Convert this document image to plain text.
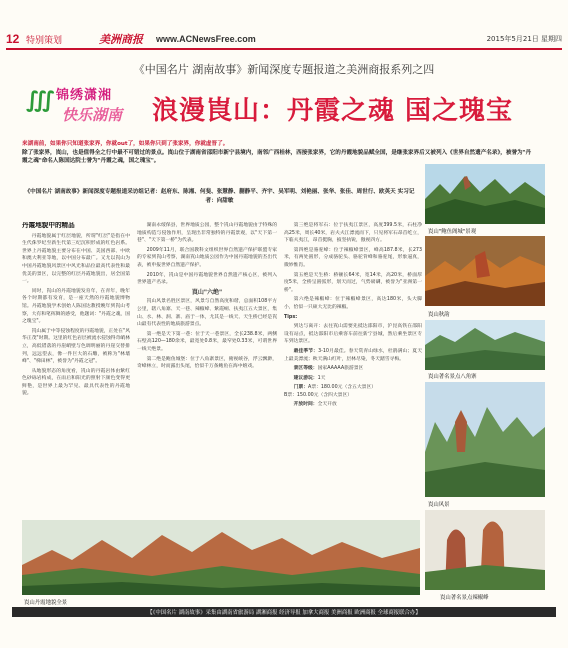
12 特别策划	美洲商报	www.ACNewsFree.com	2015年5月21日 星期四
《中国名片 湖南故事》新闻深度专题报道之美洲商报系列之四
∭ 锦绣潇湘
快乐湖南 浪漫崀山：丹霞之魂 国之瑰宝
来湖南前，如果你只知道张家界，你就out了，如果你只到了张家界，你就虚晋了。
除了张家界，崀山，也是值得全之行中最不可错过的景点。崀山位于湖南省邵阳市新宁县境内，南邻广西桂林，西接张家界，它的丹霞地貌品赋全国，是继张家界后又被列入《世界自然遗产名录》，被誉为"丹霞之魂"命名人陈国达院士誉为"丹霞之魂，国之瑰宝"。
《中国名片 湖南故事》新闻深度专题报道采访组记者：赵府东、陈湘、何斐、张慧静、蒯静平、齐宇、吴军明、刘艳丽、张华、张佳、周世行、欧英天 实习记者：向甜敏
丹霞地貌中的精品

丹霞地貌属于红层地貌，所谓"红层"是指在中生代侏罗纪至新生代第三纪沉积形成的红色岩系。世界上丹霞地貌主要分布在中国、美国西部、中欧和澳大利亚等地，以中国分布最广。又尤以崀山为中国丹霞地貌风景区中风光和品位最高代表性和最优美的景区，以完整的红层丹霞地貌出，居全国第一。

同时，崀山的丹霞地貌发育年，在青年，晚年各个时期都有发育，是一座天然的丹霞地貌博物馆。丹霞地貌学术创始人陈国达教授晚年到崀山考察，大有和笔挥舞的感受，他题词："丹霞之魂，国之瑰宝"。

崀山属于中等侵蚀程度的丹霞地貌，正处在"风华正茂"时期。这里的红色岩层被流水侵蚀得奇峭林立，高低错落的丹崖峭壁与色调明丽的丹崖交替排列，远远望去，像一件巨大的石雕，被称为"林墙峰"、"梯田林"，被誉为"丹霞之冠"。

从地貌形态的角度看，崀山的丹霞岩体由紫红色砂砾岩构成，在雨后和阳光的照射下颜色变得更鲜艳，是世界上最为罕见、最具代表性的丹霞地貌。

湖南永绥保县，世界地质公园，整个崀山丹霞地貌由于特殊的地质构造与侵蚀作用，呈现出非常独特的丹霞景观，以"天下第一巷"、"天下第一桥"为代表。

2009年11月，联合国教科文组织世界自然遗产保护联盟专家的专家到崀山考察，湖南崀山地质公园作为中国丹霞地貌的杰出代表，被申报世界自然遗产保护。

2010年，崀山是中国丹霞地貌世界自然遗产核心区，被列入世界遗产名录。

崀山"六绝"

崀山风景名胜区景区，风景与自然高度和谐，总面积108平方公里，辖八角寨、天一巷、辣椒峰、紫霞峒、扶夷江五大景区，集山、水、林、洞、寨、庙于一体，尤其是一线天、天生桥已经是崀山最有代表性的地质旅游景点。

第一绝是天下第一巷：位于天一巷景区，全长238.8米，两侧石壁高120—180余米，最宽处0.8米，最窄处0.33米，可谓世界一线天绝景。

第二绝是鲍鱼城堡：位于八角寨景区，俯视峡谷，浮云飘渺，奇峰林立，时而露出头尾，恰似千万条鲍鱼在海中嬉戏。

第三绝是将军石：位于扶夷江景区，高度399.5米，石柱净高25米，周长40米，岩夫夫江漂流而下，只见将军石昂首屹立，下临夫夷江，昂首挺胸，披坚执锐，傲视四方。

第四绝是骆驼峰：位于辣椒峰景区，峰高187.8米，长273米，有两处圆形，分成骆驼头、骆驼背峰和骆驼尾，形象逼真，微妙惟肖。

第五绝是天生桥：桥额长64米，宽14米，高20米，桥面厚度5米，全桥呈圆弧形，划天而过，气势磅礴，被誉为"亚洲第一桥"。

第六绝是辣椒峰：位于辣椒峰景区，高达180米，头大脚小，恰似一只硕大无比的辣椒。

Tips:

到达与离开：去往崀山需要先抵达邵阳市，沪昆高铁在邵阳设有站点，抵达邵阳市后乘客车前往新宁县城，然后乘坐景区专车到达景区。

最佳季节：3-10月最佳。春天赏青山绿水，杜鹃满山；夏天上最美漂流；秋天满山红叶，层林尽染，冬天踏雪寻梅。

景区等级：国家AAAAA旅游景区

建议游玩：1天

门票：A票：180.00元（含五大景区）
B票：150.00元（含四大景区）

开放时间：全天开放

崀山"鲍鱼阁城"景观
崀山秋韵
崀山著名景点八角寨
崀山风景
崀山著名景点辣椒峰
崀山丹霞地貌全景
【《中国名片 湖南故事》采集由湖南省旅游局 湖湘商报 经济导报 加拿大商报 美洲商报 欧洲商报 全球商报联合办】
